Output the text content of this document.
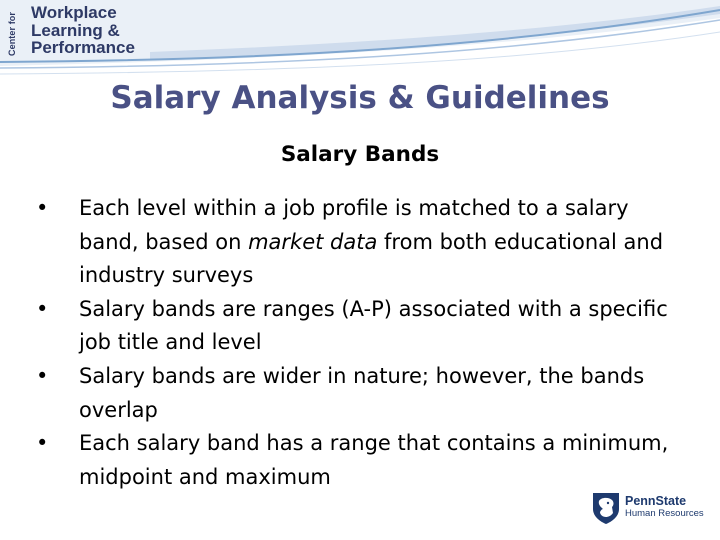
Center for Workplace
Learning &
Performance
Salary Analysis & Guidelines
Salary Bands
•	Each level within a job profile is matched to a salary band, based on market data from both educational and industry surveys
•	Salary bands are ranges (A-P) associated with a specific job title and level
•	Salary bands are wider in nature; however, the bands overlap
•	Each salary band has a range that contains a minimum, midpoint and maximum
PennState
Human Resources
